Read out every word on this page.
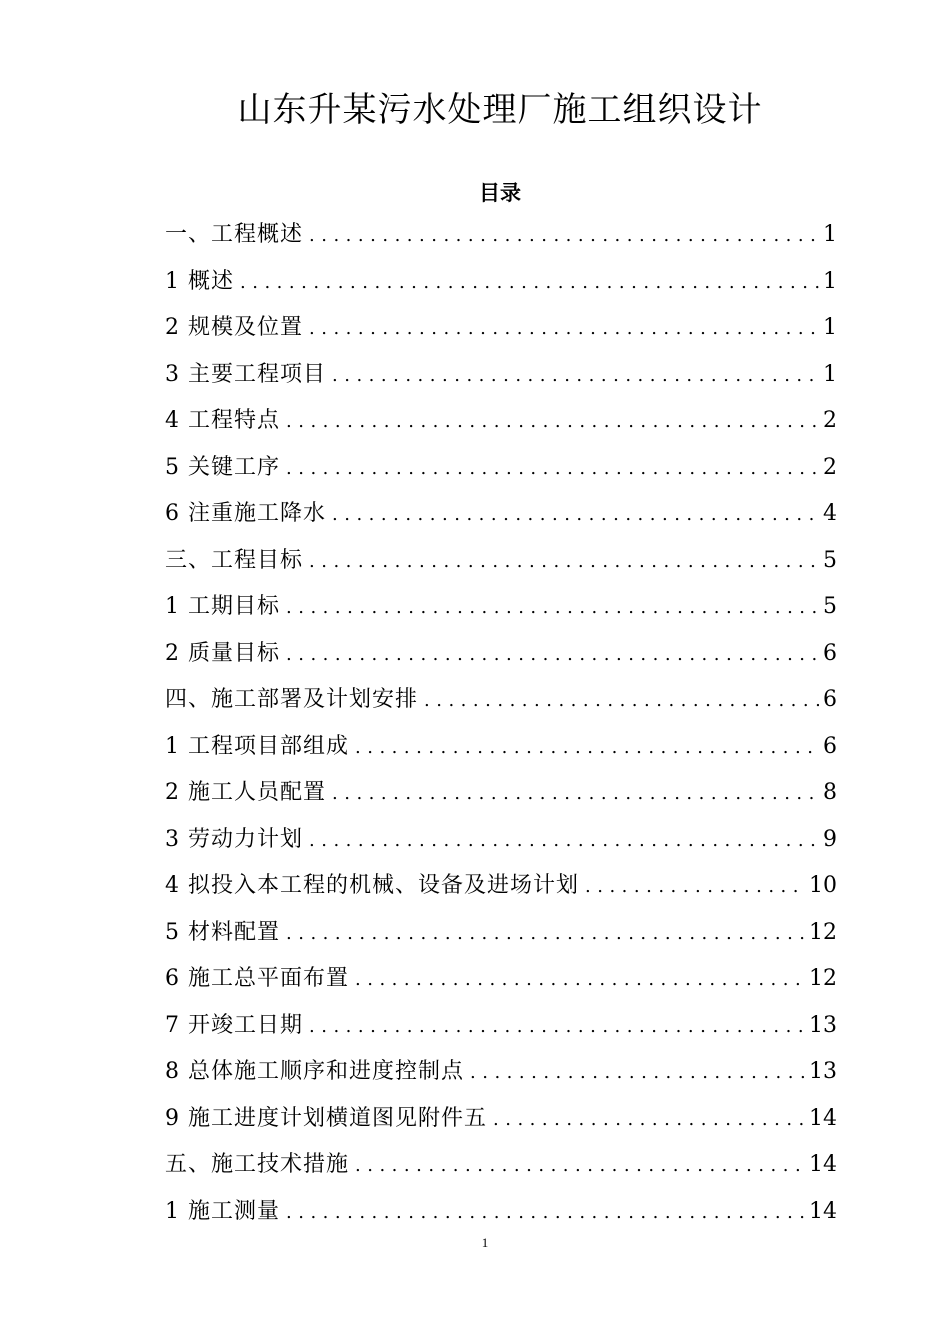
山东升某污水处理厂施工组织设计
目录
一、工程概述 .....	1
1 概述 .....	1
2 规模及位置 .....	1
3 主要工程项目 .....	1
4 工程特点 .....	2
5 关键工序 .....	2
6 注重施工降水 .....	4
三、工程目标 .....	5
1 工期目标 .....	5
2 质量目标 .....	6
四、施工部署及计划安排 .....	6
1 工程项目部组成 .....	6
2 施工人员配置 .....	8
3 劳动力计划 .....	9
4 拟投入本工程的机械、设备及进场计划 .....	10
5 材料配置 .....	12
6 施工总平面布置 .....	12
7 开竣工日期 .....	13
8 总体施工顺序和进度控制点 .....	13
9 施工进度计划横道图见附件五 .....	14
五、施工技术措施 .....	14
1 施工测量 .....	14
1
